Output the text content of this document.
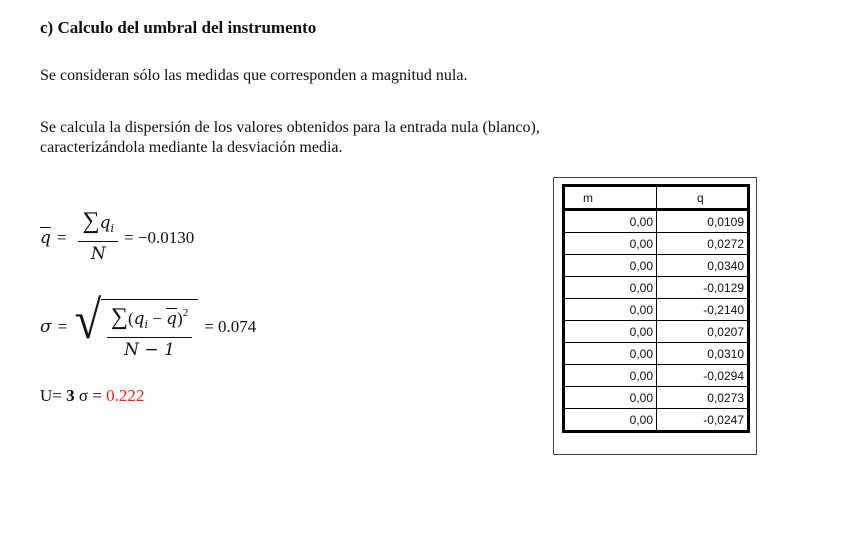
c) Calculo del umbral del instrumento

Se consideran sólo las medidas que corresponden a magnitud nula.

Se calcula la dispersión de los valores obtenidos para la entrada nula (blanco),
caracterizándola mediante la desviación media.

$\overline{q} = \frac{\sum q_i}{N} = -0.0130$
σ = √ $\frac{\sum(q_i - \overline{q})^2}{N - 1} = 0.074$
U= 3 σ = 0.222
m	q
0,00	0,0109
0,00	0,0272
0,00	0,0340
0,00	-0,0129
0,00	-0,2140
0,00	0,0207
0,00	0,0310
0,00	-0,0294
0,00	0,0273
0,00	-0,0247
